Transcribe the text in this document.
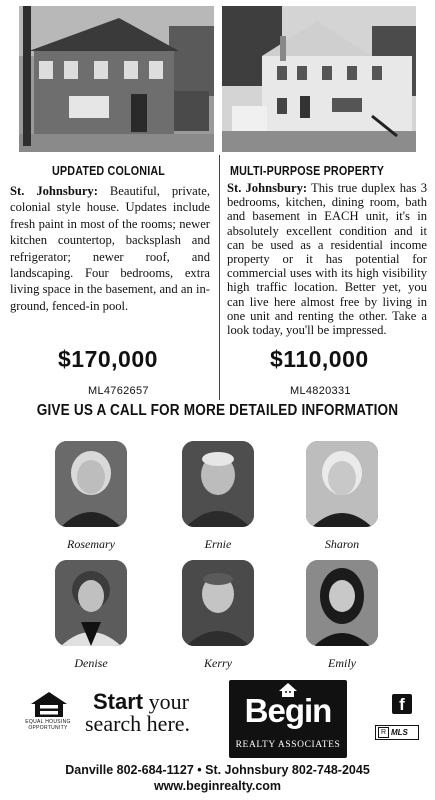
UPDATED COLONIAL	MULTI-PURPOSE PROPERTY
St. Johnsbury: Beautiful, private, colonial style house. Updates include fresh paint in most of the rooms; newer kitchen countertop, backsplash and refrigerator; newer roof, and landscaping. Four bedrooms, extra living space in the basement, and an in-ground, fenced-in pool.
St. Johnsbury: This true duplex has 3 bedrooms, kitchen, dining room, bath and basement in EACH unit, it's in absolutely excellent condition and it can be used as a residential income property or it has potential for commercial uses with its high visibility high traffic location. Better yet, you can live here almost free by living in one unit and renting the other. Take a look today, you'll be impressed.
$170,000	$110,000
ML4762657	ML4820331
GIVE US A CALL FOR MORE DETAILED INFORMATION
Rosemary	Ernie	Sharon
Denise	Kerry	Emily
EQUAL HOUSING OPPORTUNITY
Start your
search here.	Begin
REALTY ASSOCIATES
f
R MLS
Danville 802-684-1127 • St. Johnsbury 802-748-2045
www.beginrealty.com
